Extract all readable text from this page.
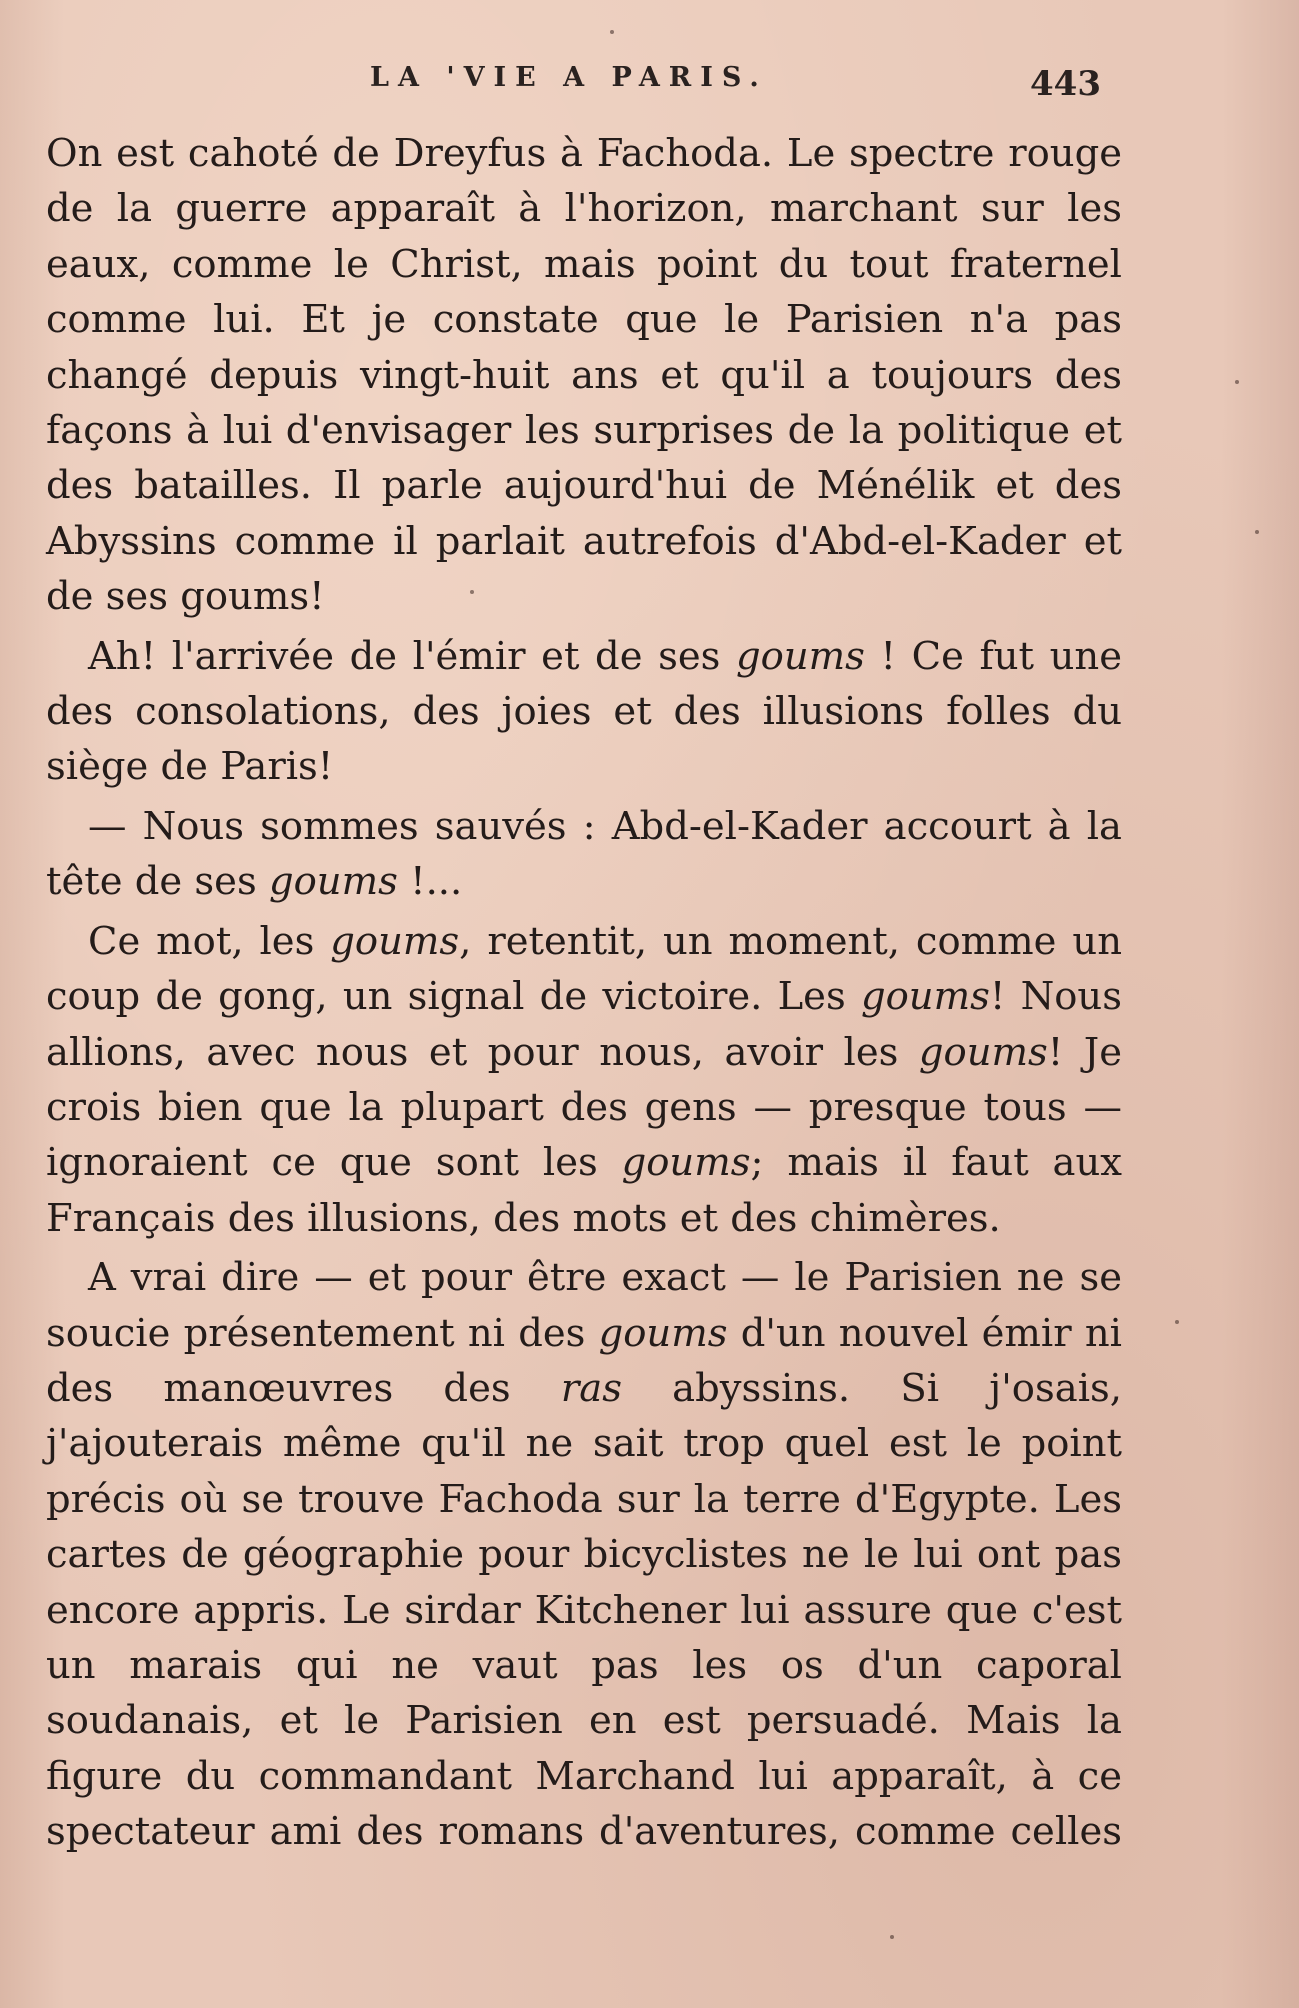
LA 'VIE A PARIS.	443

On est cahoté de Dreyfus à Fachoda. Le spectre rouge de la guerre apparaît à l'horizon, marchant sur les eaux, comme le Christ, mais point du tout fraternel comme lui. Et je constate que le Parisien n'a pas changé depuis vingt-huit ans et qu'il a toujours des façons à lui d'envisager les surprises de la politique et des batailles. Il parle aujourd'hui de Ménélik et des Abyssins comme il parlait autrefois d'Abd-el-Kader et de ses goums!

Ah! l'arrivée de l'émir et de ses goums ! Ce fut une des consolations, des joies et des illusions folles du siège de Paris!

— Nous sommes sauvés : Abd-el-Kader accourt à la tête de ses goums !...

Ce mot, les goums, retentit, un moment, comme un coup de gong, un signal de victoire. Les goums! Nous allions, avec nous et pour nous, avoir les goums! Je crois bien que la plupart des gens — presque tous — ignoraient ce que sont les goums; mais il faut aux Français des illusions, des mots et des chimères.

A vrai dire — et pour être exact — le Parisien ne se soucie présentement ni des goums d'un nouvel émir ni des manœuvres des ras abyssins. Si j'osais, j'ajouterais même qu'il ne sait trop quel est le point précis où se trouve Fachoda sur la terre d'Egypte. Les cartes de géographie pour bicyclistes ne le lui ont pas encore appris. Le sirdar Kitchener lui assure que c'est un marais qui ne vaut pas les os d'un caporal soudanais, et le Parisien en est persuadé. Mais la figure du commandant Marchand lui apparaît, à ce spectateur ami des romans d'aventures, comme celles
